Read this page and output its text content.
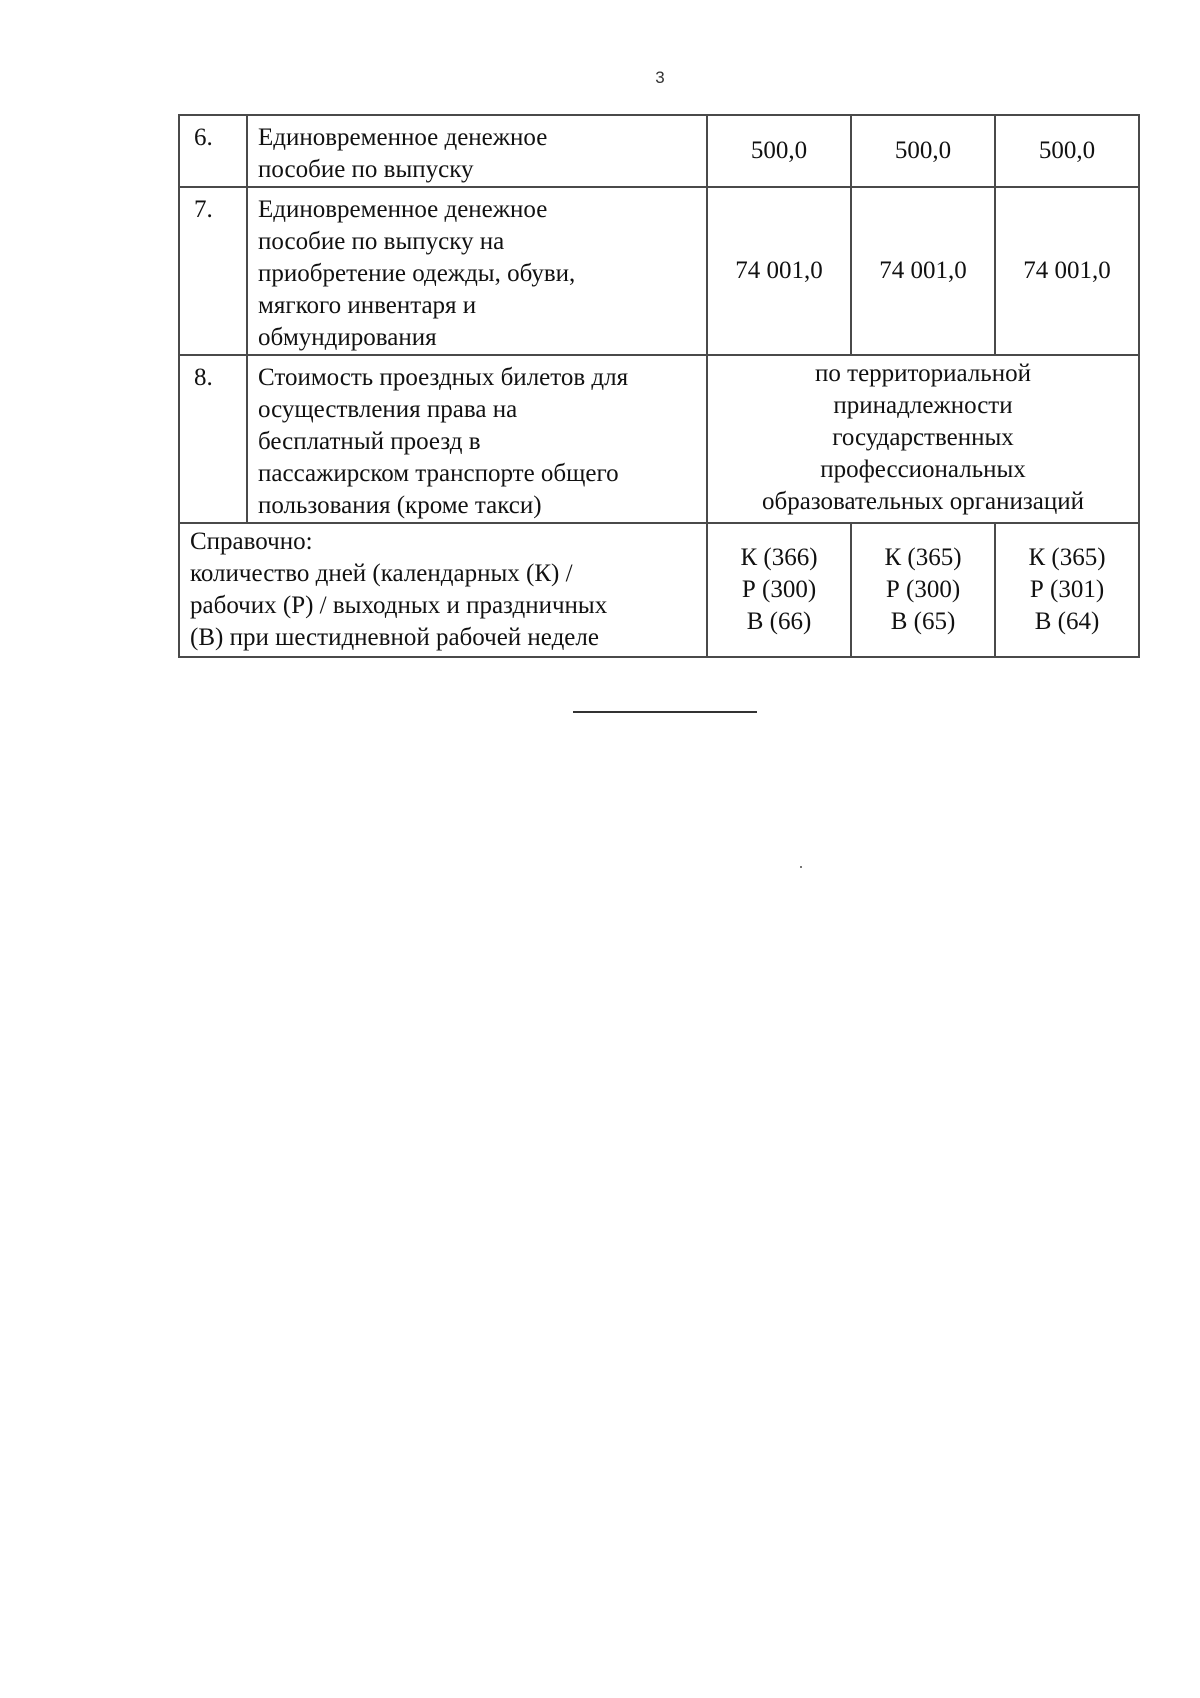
3
6.	Единовременное денежное
пособие по выпуску	500,0	500,0	500,0
7.	Единовременное денежное
пособие по выпуску на
приобретение одежды, обуви,
мягкого инвентаря и
обмундирования	74 001,0	74 001,0	74 001,0
8.	Стоимость проездных билетов для
осуществления права на
бесплатный проезд в
пассажирском транспорте общего
пользования (кроме такси)	по территориальной
принадлежности
государственных
профессиональных
образовательных организаций		

Справочно:
количество дней (календарных (К) /
рабочих (Р) / выходных и праздничных
(В) при шестидневной рабочей неделе		К (366)
Р (300)
В (66)	К (365)
Р (300)
В (65)	К (365)
Р (301)
В (64)
